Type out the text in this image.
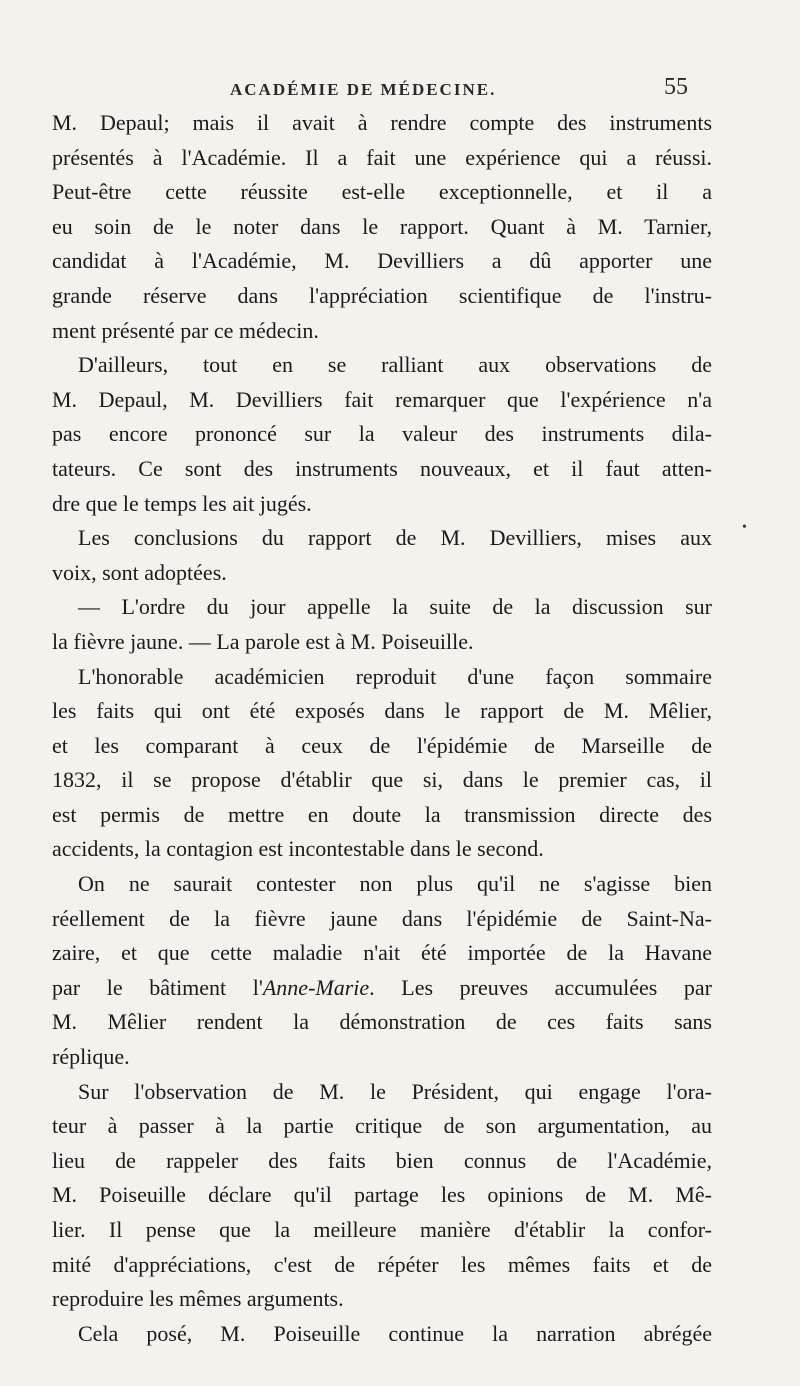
ACADÉMIE DE MÉDECINE.	55
•
M. Depaul; mais il avait à rendre compte des instruments
présentés à l'Académie. Il a fait une expérience qui a réussi.
Peut-être cette réussite est-elle exceptionnelle, et il a
eu soin de le noter dans le rapport. Quant à M. Tarnier,
candidat à l'Académie, M. Devilliers a dû apporter une
grande réserve dans l'appréciation scientifique de l'instru-
ment présenté par ce médecin.
D'ailleurs, tout en se ralliant aux observations de
M. Depaul, M. Devilliers fait remarquer que l'expérience n'a
pas encore prononcé sur la valeur des instruments dila-
tateurs. Ce sont des instruments nouveaux, et il faut atten-
dre que le temps les ait jugés.
Les conclusions du rapport de M. Devilliers, mises aux
voix, sont adoptées.
— L'ordre du jour appelle la suite de la discussion sur
la fièvre jaune. — La parole est à M. Poiseuille.
L'honorable académicien reproduit d'une façon sommaire
les faits qui ont été exposés dans le rapport de M. Mêlier,
et les comparant à ceux de l'épidémie de Marseille de
1832, il se propose d'établir que si, dans le premier cas, il
est permis de mettre en doute la transmission directe des
accidents, la contagion est incontestable dans le second.
On ne saurait contester non plus qu'il ne s'agisse bien
réellement de la fièvre jaune dans l'épidémie de Saint-Na-
zaire, et que cette maladie n'ait été importée de la Havane
par le bâtiment l'Anne-Marie. Les preuves accumulées par
M. Mêlier rendent la démonstration de ces faits sans
réplique.
Sur l'observation de M. le Président, qui engage l'ora-
teur à passer à la partie critique de son argumentation, au
lieu de rappeler des faits bien connus de l'Académie,
M. Poiseuille déclare qu'il partage les opinions de M. Mê-
lier. Il pense que la meilleure manière d'établir la confor-
mité d'appréciations, c'est de répéter les mêmes faits et de
reproduire les mêmes arguments.
Cela posé, M. Poiseuille continue la narration abrégée
